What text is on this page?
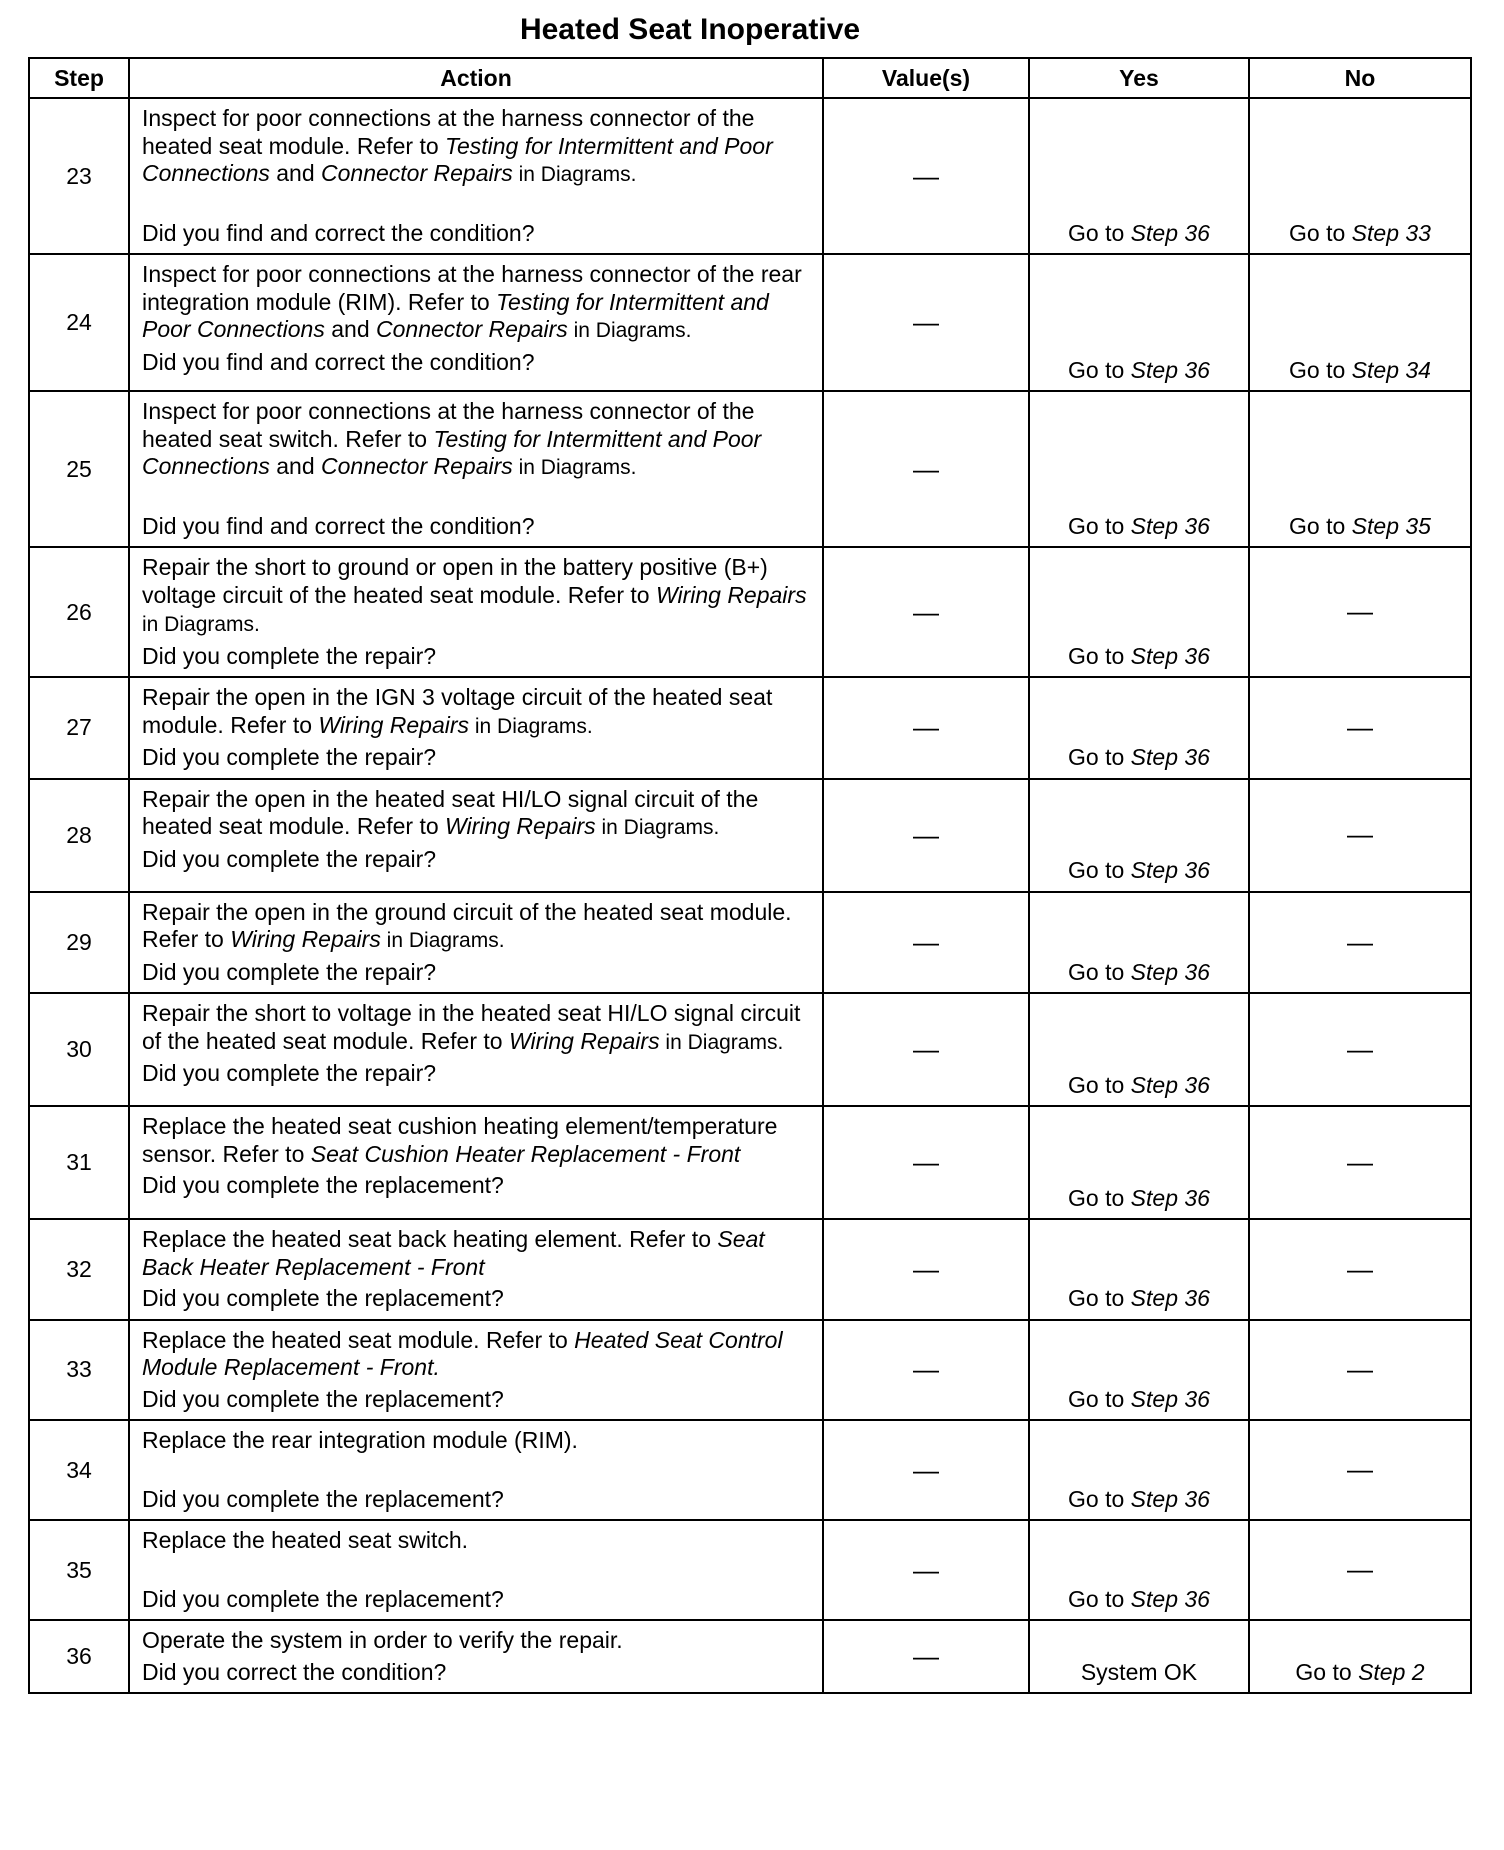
Heated Seat Inoperative
Step	Action	Value(s)	Yes	No
23	Inspect for poor connections at the harness connector of the heated seat module. Refer to Testing for Intermittent and Poor Connections and Connector Repairs in Diagrams.
Did you find and correct the condition?	—	Go to Step 36	Go to Step 33
24	Inspect for poor connections at the harness connector of the rear integration module (RIM). Refer to Testing for Intermittent and Poor Connections and Connector Repairs in Diagrams.
Did you find and correct the condition?	—	Go to Step 36	Go to Step 34
25	Inspect for poor connections at the harness connector of the heated seat switch. Refer to Testing for Intermittent and Poor Connections and Connector Repairs in Diagrams.
Did you find and correct the condition?	—	Go to Step 36	Go to Step 35
26	Repair the short to ground or open in the battery positive (B+) voltage circuit of the heated seat module. Refer to Wiring Repairs in Diagrams.
Did you complete the repair?	—	Go to Step 36	—
27	Repair the open in the IGN 3 voltage circuit of the heated seat module. Refer to Wiring Repairs in Diagrams.
Did you complete the repair?	—	Go to Step 36	—
28	Repair the open in the heated seat HI/LO signal circuit of the heated seat module. Refer to Wiring Repairs in Diagrams.
Did you complete the repair?	—	Go to Step 36	—
29	Repair the open in the ground circuit of the heated seat module. Refer to Wiring Repairs in Diagrams.
Did you complete the repair?	—	Go to Step 36	—
30	Repair the short to voltage in the heated seat HI/LO signal circuit of the heated seat module. Refer to Wiring Repairs in Diagrams.
Did you complete the repair?	—	Go to Step 36	—
31	Replace the heated seat cushion heating element/temperature sensor. Refer to Seat Cushion Heater Replacement - Front
Did you complete the replacement?	—	Go to Step 36	—
32	Replace the heated seat back heating element. Refer to Seat Back Heater Replacement - Front
Did you complete the replacement?	—	Go to Step 36	—
33	Replace the heated seat module. Refer to Heated Seat Control Module Replacement - Front.
Did you complete the replacement?	—	Go to Step 36	—
34	Replace the rear integration module (RIM).
Did you complete the replacement?	—	Go to Step 36	—
35	Replace the heated seat switch.
Did you complete the replacement?	—	Go to Step 36	—
36	Operate the system in order to verify the repair.
Did you correct the condition?	—	System OK	Go to Step 2
